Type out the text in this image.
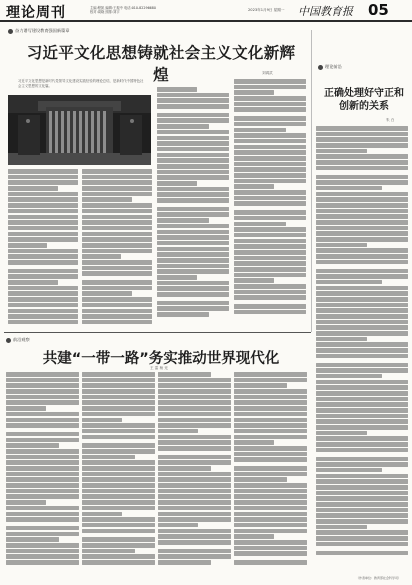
理论周刊	主编:程凯 编辑:王振中 电话:010-82296680 校对:周晓 照排:刘宇
2023年1月9日 星期一 中国教育报 05
奋力谱写建设教育强国新篇章
习近平文化思想铸就社会主义文化新辉煌	刘鸿武
习近平文化思想是新时代党领导文化建设实践经验的理论总结，是新时代中国特色社会主义思想的文化篇。
理论前沿
正确处理好守正和创新的关系
朱 白
前沿观察
共建“一带一路”务实推动世界现代化
王 雷 杨 光
（作者单位：教育部社会科学司）
